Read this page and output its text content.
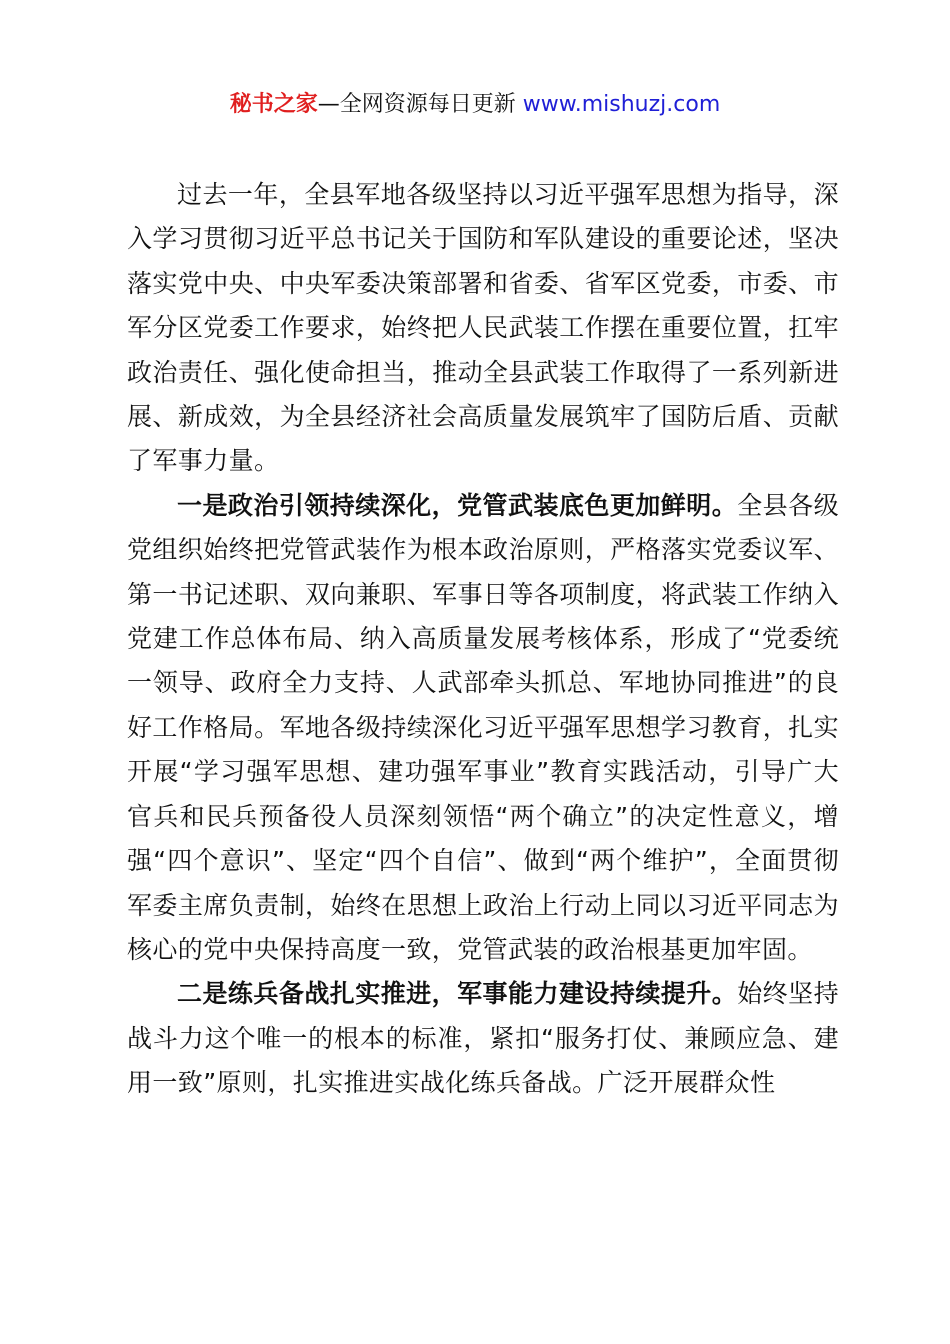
秘书之家—全网资源每日更新 www.mishuzj.com

过去一年，全县军地各级坚持以习近平强军思想为指导，深入学习贯彻习近平总书记关于国防和军队建设的重要论述，坚决落实党中央、中央军委决策部署和省委、省军区党委，市委、市军分区党委工作要求，始终把人民武装工作摆在重要位置，扛牢政治责任、强化使命担当，推动全县武装工作取得了一系列新进展、新成效，为全县经济社会高质量发展筑牢了国防后盾、贡献了军事力量。

一是政治引领持续深化，党管武装底色更加鲜明。全县各级党组织始终把党管武装作为根本政治原则，严格落实党委议军、第一书记述职、双向兼职、军事日等各项制度，将武装工作纳入党建工作总体布局、纳入高质量发展考核体系，形成了“党委统一领导、政府全力支持、人武部牵头抓总、军地协同推进”的良好工作格局。军地各级持续深化习近平强军思想学习教育，扎实开展“学习强军思想、建功强军事业”教育实践活动，引导广大官兵和民兵预备役人员深刻领悟“两个确立”的决定性意义，增强“四个意识”、坚定“四个自信”、做到“两个维护”，全面贯彻军委主席负责制，始终在思想上政治上行动上同以习近平同志为核心的党中央保持高度一致，党管武装的政治根基更加牢固。

二是练兵备战扎实推进，军事能力建设持续提升。始终坚持战斗力这个唯一的根本的标准，紧扣“服务打仗、兼顾应急、建用一致”原则，扎实推进实战化练兵备战。广泛开展群众性
